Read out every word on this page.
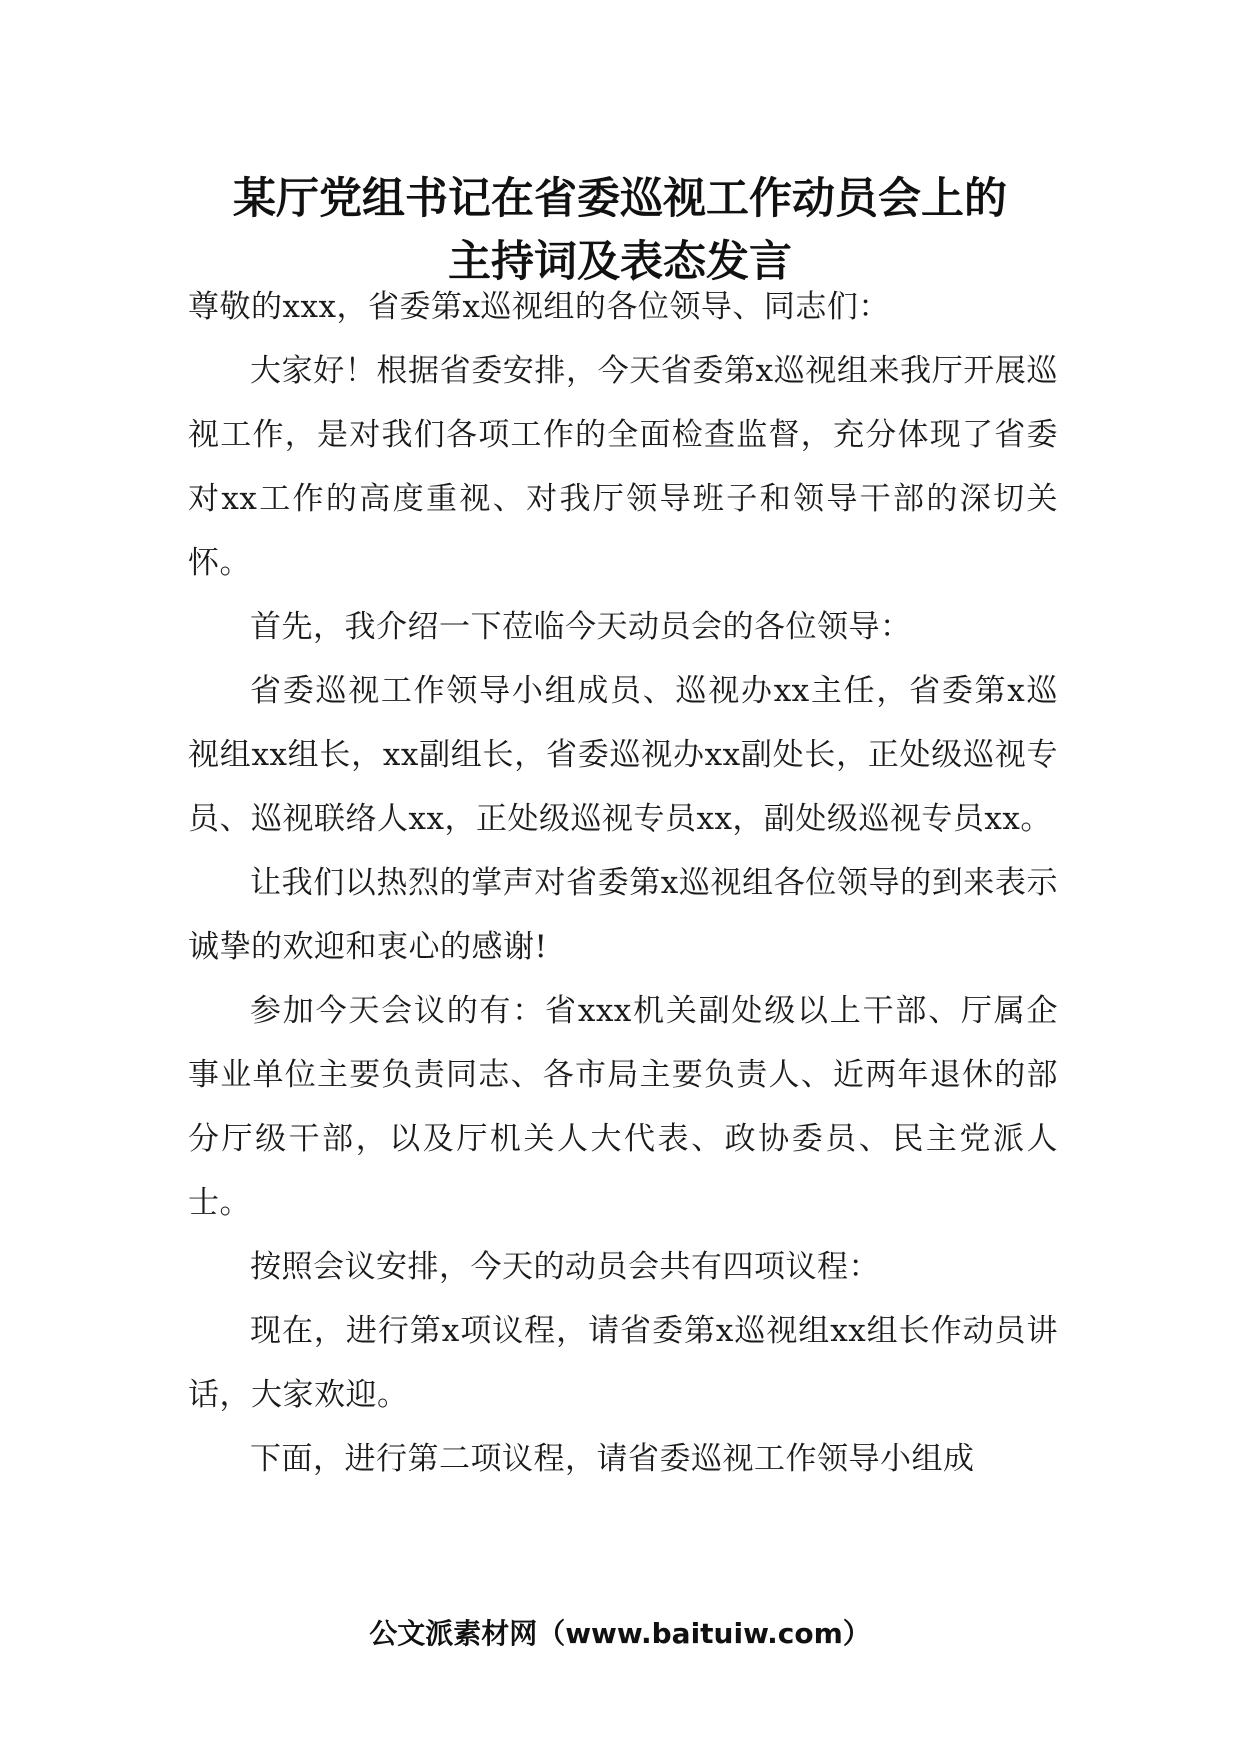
某厅党组书记在省委巡视工作动员会上的
主持词及表态发言

尊敬的xxx，省委第x巡视组的各位领导、同志们：

大家好！根据省委安排，今天省委第x巡视组来我厅开展巡视工作，是对我们各项工作的全面检查监督，充分体现了省委对xx工作的高度重视、对我厅领导班子和领导干部的深切关怀。

首先，我介绍一下莅临今天动员会的各位领导：

省委巡视工作领导小组成员、巡视办xx主任，省委第x巡视组xx组长，xx副组长，省委巡视办xx副处长，正处级巡视专员、巡视联络人xx，正处级巡视专员xx，副处级巡视专员xx。

让我们以热烈的掌声对省委第x巡视组各位领导的到来表示诚挚的欢迎和衷心的感谢!

参加今天会议的有：省xxx机关副处级以上干部、厅属企事业单位主要负责同志、各市局主要负责人、近两年退休的部分厅级干部，以及厅机关人大代表、政协委员、民主党派人士。

按照会议安排，今天的动员会共有四项议程：

现在，进行第x项议程，请省委第x巡视组xx组长作动员讲话，大家欢迎。

下面，进行第二项议程，请省委巡视工作领导小组成

公文派素材网（www.baituiw.com）
